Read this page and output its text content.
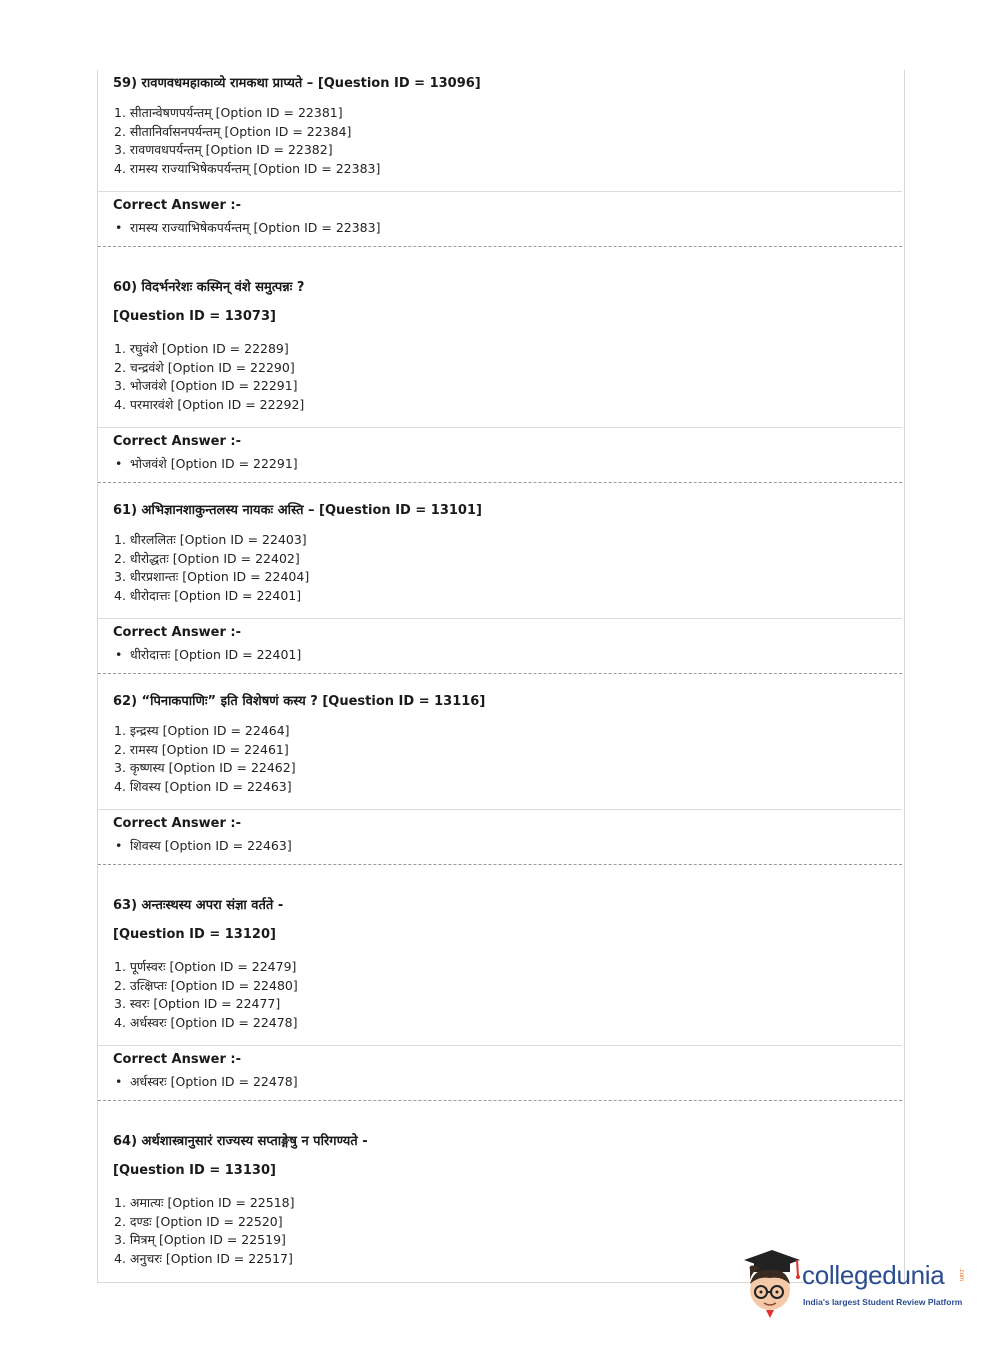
59) रावणवधमहाकाव्ये रामकथा प्राप्यते – [Question ID = 13096]
1. सीतान्वेषणपर्यन्तम् [Option ID = 22381]
2. सीतानिर्वासनपर्यन्तम् [Option ID = 22384]
3. रावणवधपर्यन्तम् [Option ID = 22382]
4. रामस्य राज्याभिषेकपर्यन्तम् [Option ID = 22383]
Correct Answer :-
• रामस्य राज्याभिषेकपर्यन्तम् [Option ID = 22383]
60) विदर्भनरेशः कस्मिन् वंशे समुत्पन्नः ?
[Question ID = 13073]
1. रघुवंशे [Option ID = 22289]
2. चन्द्रवंशे [Option ID = 22290]
3. भोजवंशे [Option ID = 22291]
4. परमारवंशे [Option ID = 22292]
Correct Answer :-
• भोजवंशे [Option ID = 22291]
61) अभिज्ञानशाकुन्तलस्य नायकः अस्ति – [Question ID = 13101]
1. धीरललितः [Option ID = 22403]
2. धीरोद्धतः [Option ID = 22402]
3. धीरप्रशान्तः [Option ID = 22404]
4. धीरोदात्तः [Option ID = 22401]
Correct Answer :-
• धीरोदात्तः [Option ID = 22401]
62) “पिनाकपाणिः” इति विशेषणं कस्य ? [Question ID = 13116]
1. इन्द्रस्य [Option ID = 22464]
2. रामस्य [Option ID = 22461]
3. कृष्णस्य [Option ID = 22462]
4. शिवस्य [Option ID = 22463]
Correct Answer :-
• शिवस्य [Option ID = 22463]
63) अन्तःस्थस्य अपरा संज्ञा वर्तते -
[Question ID = 13120]
1. पूर्णस्वरः [Option ID = 22479]
2. उत्क्षिप्तः [Option ID = 22480]
3. स्वरः [Option ID = 22477]
4. अर्धस्वरः [Option ID = 22478]
Correct Answer :-
• अर्धस्वरः [Option ID = 22478]
64) अर्थशास्त्रानुसारं राज्यस्य सप्ताङ्गेषु न परिगण्यते -
[Question ID = 13130]
1. अमात्यः [Option ID = 22518]
2. दण्डः [Option ID = 22520]
3. मित्रम् [Option ID = 22519]
4. अनुचरः [Option ID = 22517]
collegedunia .com
India's largest Student Review Platform
